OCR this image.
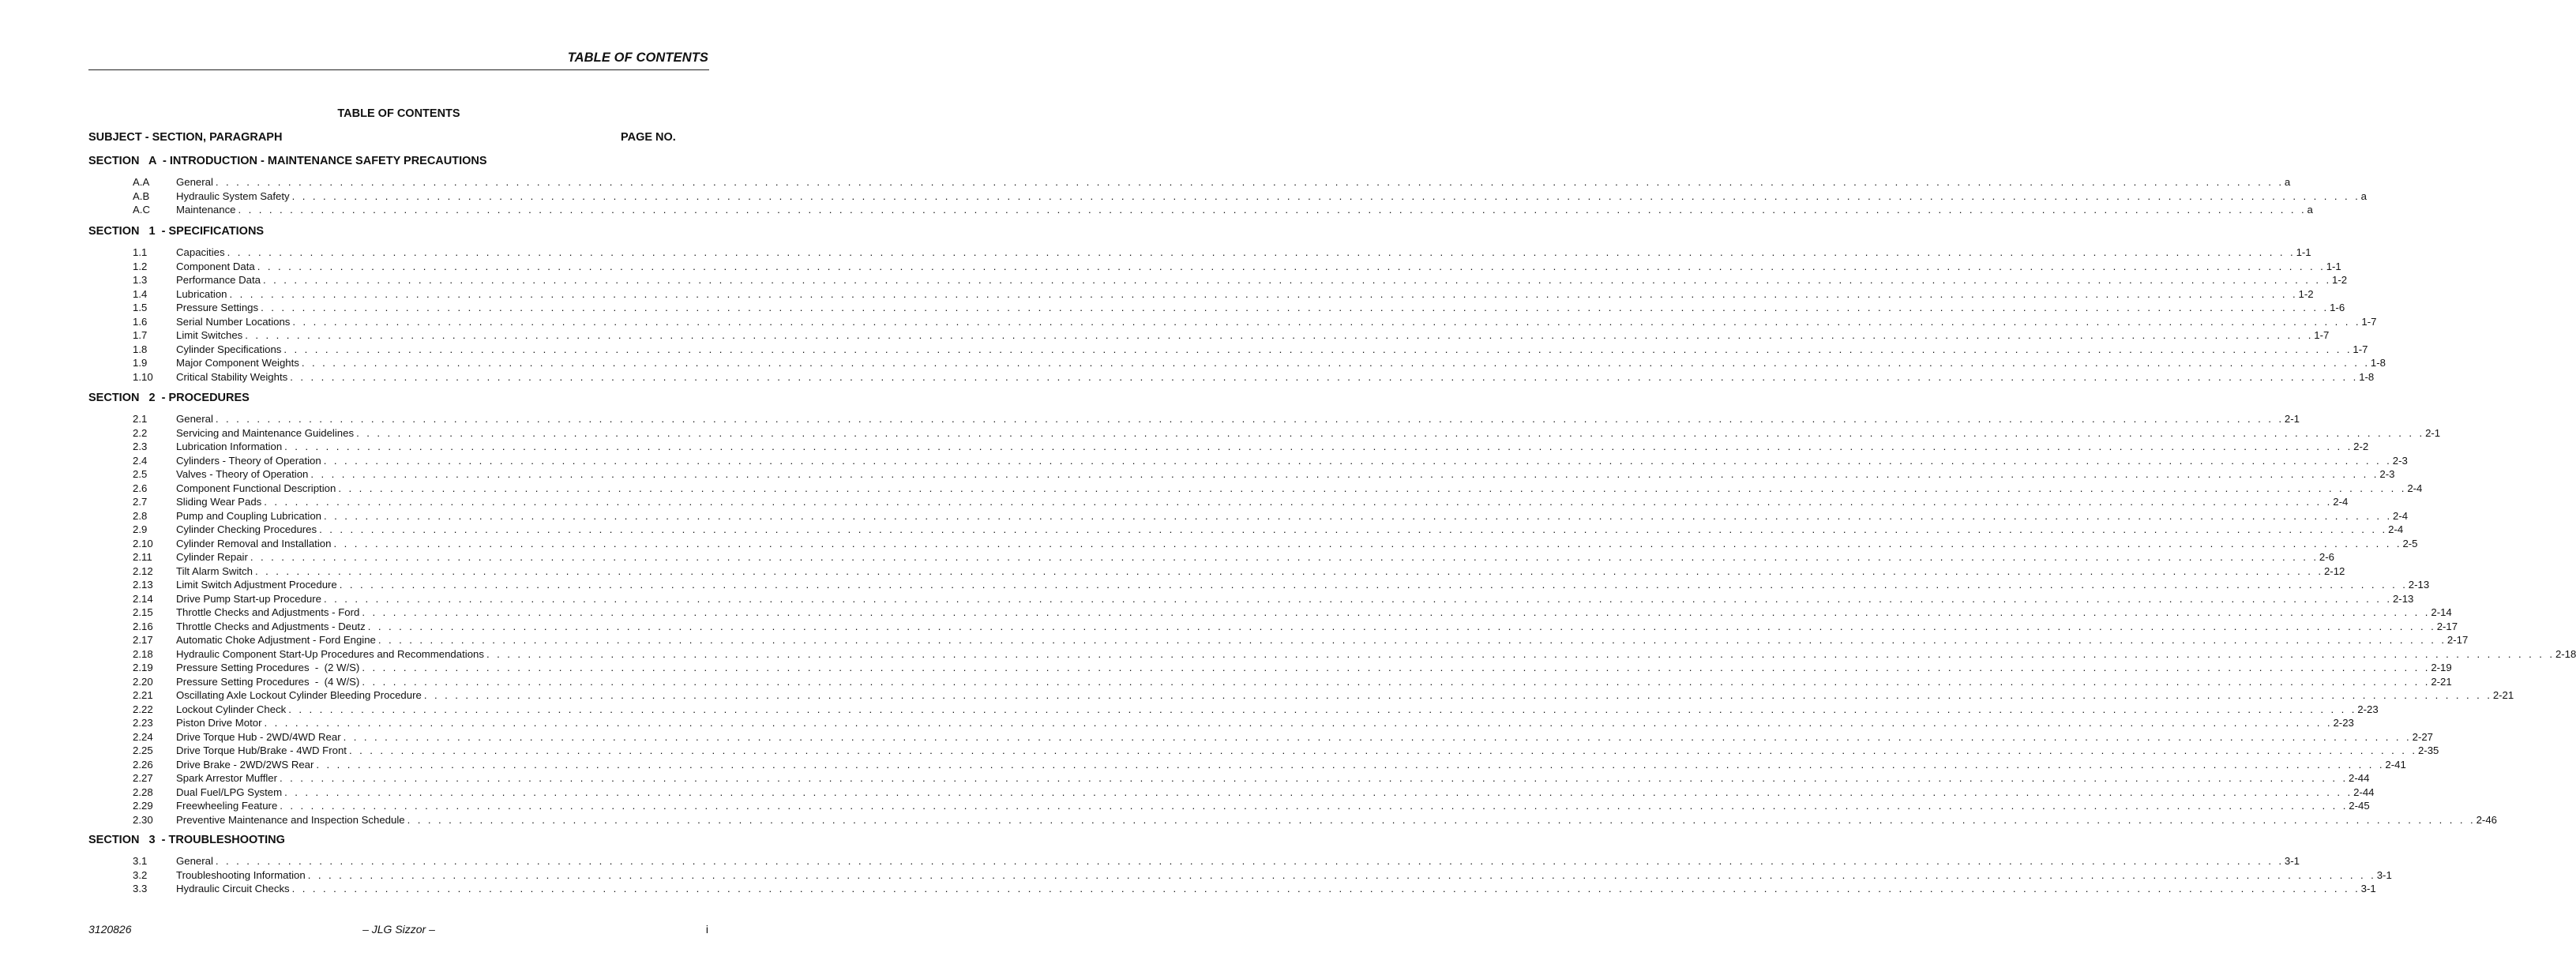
TABLE OF CONTENTS
TABLE OF CONTENTS
SUBJECT - SECTION, PARAGRAPH	PAGE NO.
SECTION   A  - INTRODUCTION - MAINTENANCE SAFETY PRECAUTIONS
SECTION   1  - SPECIFICATIONS
SECTION   2  - PROCEDURES
SECTION   3  - TROUBLESHOOTING
A.A	General . . . . . . . . . . . . . . . . . . . . . . . . . . . . . . . . . . . . . . . . . . . . . . . . . . . . . . . . . . . . . . . . . . . . . . . . . . . . . . . . . . . . . . . . . . . . . . . . . . . . . . . . . . . . . . . . . . . . . . . . . . . . . . . . . . . . . . . . . . . . . . . . . . . . . . . . . . . . . . . . . . . . . . . . . . . . . . . . . . . . . . . . . . . . . . . . . . . . . . . . a
A.B	Hydraulic System Safety . . . . . . . . . . . . . . . . . . . . . . . . . . . . . . . . . . . . . . . . . . . . . . . . . . . . . . . . . . . . . . . . . . . . . . . . . . . . . . . . . . . . . . . . . . . . . . . . . . . . . . . . . . . . . . . . . . . . . . . . . . . . . . . . . . . . . . . . . . . . . . . . . . . . . . . . . . . . . . . . . . . . . . . . . . . . . . . . . . . . . . . . . . . . . . . . . . . . . . . . a
A.C	Maintenance . . . . . . . . . . . . . . . . . . . . . . . . . . . . . . . . . . . . . . . . . . . . . . . . . . . . . . . . . . . . . . . . . . . . . . . . . . . . . . . . . . . . . . . . . . . . . . . . . . . . . . . . . . . . . . . . . . . . . . . . . . . . . . . . . . . . . . . . . . . . . . . . . . . . . . . . . . . . . . . . . . . . . . . . . . . . . . . . . . . . . . . . . . . . . . . . . . . . . . . . a
1.1	Capacities . . . . . . . . . . . . . . . . . . . . . . . . . . . . . . . . . . . . . . . . . . . . . . . . . . . . . . . . . . . . . . . . . . . . . . . . . . . . . . . . . . . . . . . . . . . . . . . . . . . . . . . . . . . . . . . . . . . . . . . . . . . . . . . . . . . . . . . . . . . . . . . . . . . . . . . . . . . . . . . . . . . . . . . . . . . . . . . . . . . . . . . . . . . . . . . . . . . . . . . . 1-1
1.2	Component Data . . . . . . . . . . . . . . . . . . . . . . . . . . . . . . . . . . . . . . . . . . . . . . . . . . . . . . . . . . . . . . . . . . . . . . . . . . . . . . . . . . . . . . . . . . . . . . . . . . . . . . . . . . . . . . . . . . . . . . . . . . . . . . . . . . . . . . . . . . . . . . . . . . . . . . . . . . . . . . . . . . . . . . . . . . . . . . . . . . . . . . . . . . . . . . . . . . . . . . . . 1-1
1.3	Performance Data . . . . . . . . . . . . . . . . . . . . . . . . . . . . . . . . . . . . . . . . . . . . . . . . . . . . . . . . . . . . . . . . . . . . . . . . . . . . . . . . . . . . . . . . . . . . . . . . . . . . . . . . . . . . . . . . . . . . . . . . . . . . . . . . . . . . . . . . . . . . . . . . . . . . . . . . . . . . . . . . . . . . . . . . . . . . . . . . . . . . . . . . . . . . . . . . . . . . . . . . 1-2
1.4	Lubrication . . . . . . . . . . . . . . . . . . . . . . . . . . . . . . . . . . . . . . . . . . . . . . . . . . . . . . . . . . . . . . . . . . . . . . . . . . . . . . . . . . . . . . . . . . . . . . . . . . . . . . . . . . . . . . . . . . . . . . . . . . . . . . . . . . . . . . . . . . . . . . . . . . . . . . . . . . . . . . . . . . . . . . . . . . . . . . . . . . . . . . . . . . . . . . . . . . . . . . . . 1-2
1.5	Pressure Settings . . . . . . . . . . . . . . . . . . . . . . . . . . . . . . . . . . . . . . . . . . . . . . . . . . . . . . . . . . . . . . . . . . . . . . . . . . . . . . . . . . . . . . . . . . . . . . . . . . . . . . . . . . . . . . . . . . . . . . . . . . . . . . . . . . . . . . . . . . . . . . . . . . . . . . . . . . . . . . . . . . . . . . . . . . . . . . . . . . . . . . . . . . . . . . . . . . . . . . . . 1-6
1.6	Serial Number Locations . . . . . . . . . . . . . . . . . . . . . . . . . . . . . . . . . . . . . . . . . . . . . . . . . . . . . . . . . . . . . . . . . . . . . . . . . . . . . . . . . . . . . . . . . . . . . . . . . . . . . . . . . . . . . . . . . . . . . . . . . . . . . . . . . . . . . . . . . . . . . . . . . . . . . . . . . . . . . . . . . . . . . . . . . . . . . . . . . . . . . . . . . . . . . . . . . . . . . . . . 1-7
1.7	Limit Switches . . . . . . . . . . . . . . . . . . . . . . . . . . . . . . . . . . . . . . . . . . . . . . . . . . . . . . . . . . . . . . . . . . . . . . . . . . . . . . . . . . . . . . . . . . . . . . . . . . . . . . . . . . . . . . . . . . . . . . . . . . . . . . . . . . . . . . . . . . . . . . . . . . . . . . . . . . . . . . . . . . . . . . . . . . . . . . . . . . . . . . . . . . . . . . . . . . . . . . . . 1-7
1.8	Cylinder Specifications . . . . . . . . . . . . . . . . . . . . . . . . . . . . . . . . . . . . . . . . . . . . . . . . . . . . . . . . . . . . . . . . . . . . . . . . . . . . . . . . . . . . . . . . . . . . . . . . . . . . . . . . . . . . . . . . . . . . . . . . . . . . . . . . . . . . . . . . . . . . . . . . . . . . . . . . . . . . . . . . . . . . . . . . . . . . . . . . . . . . . . . . . . . . . . . . . . . . . . . . 1-7
1.9	Major Component Weights . . . . . . . . . . . . . . . . . . . . . . . . . . . . . . . . . . . . . . . . . . . . . . . . . . . . . . . . . . . . . . . . . . . . . . . . . . . . . . . . . . . . . . . . . . . . . . . . . . . . . . . . . . . . . . . . . . . . . . . . . . . . . . . . . . . . . . . . . . . . . . . . . . . . . . . . . . . . . . . . . . . . . . . . . . . . . . . . . . . . . . . . . . . . . . . . . . . . . . . . 1-8
1.10 Critical Stability Weights . . . . . . . . . . . . . . . . . . . . . . . . . . . . . . . . . . . . . . . . . . . . . . . . . . . . . . . . . . . . . . . . . . . . . . . . . . . . . . . . . . . . . . . . . . . . . . . . . . . . . . . . . . . . . . . . . . . . . . . . . . . . . . . . . . . . . . . . . . . . . . . . . . . . . . . . . . . . . . . . . . . . . . . . . . . . . . . . . . . . . . . . . . . . . . . . . . . . . . . . 1-8
2.1	General . . . . . . . . . . . . . . . . . . . . . . . . . . . . . . . . . . . . . . . . . . . . . . . . . . . . . . . . . . . . . . . . . . . . . . . . . . . . . . . . . . . . . . . . . . . . . . . . . . . . . . . . . . . . . . . . . . . . . . . . . . . . . . . . . . . . . . . . . . . . . . . . . . . . . . . . . . . . . . . . . . . . . . . . . . . . . . . . . . . . . . . . . . . . . . . . . . . . . . . . 2-1
2.2	Servicing and Maintenance Guidelines . . . . . . . . . . . . . . . . . . . . . . . . . . . . . . . . . . . . . . . . . . . . . . . . . . . . . . . . . . . . . . . . . . . . . . . . . . . . . . . . . . . . . . . . . . . . . . . . . . . . . . . . . . . . . . . . . . . . . . . . . . . . . . . . . . . . . . . . . . . . . . . . . . . . . . . . . . . . . . . . . . . . . . . . . . . . . . . . . . . . . . . . . . . . . . . . . . . . . . . . 2-1
2.3	Lubrication Information . . . . . . . . . . . . . . . . . . . . . . . . . . . . . . . . . . . . . . . . . . . . . . . . . . . . . . . . . . . . . . . . . . . . . . . . . . . . . . . . . . . . . . . . . . . . . . . . . . . . . . . . . . . . . . . . . . . . . . . . . . . . . . . . . . . . . . . . . . . . . . . . . . . . . . . . . . . . . . . . . . . . . . . . . . . . . . . . . . . . . . . . . . . . . . . . . . . . . . . . 2-2
2.4	Cylinders - Theory of Operation . . . . . . . . . . . . . . . . . . . . . . . . . . . . . . . . . . . . . . . . . . . . . . . . . . . . . . . . . . . . . . . . . . . . . . . . . . . . . . . . . . . . . . . . . . . . . . . . . . . . . . . . . . . . . . . . . . . . . . . . . . . . . . . . . . . . . . . . . . . . . . . . . . . . . . . . . . . . . . . . . . . . . . . . . . . . . . . . . . . . . . . . . . . . . . . . . . . . . . . . 2-3
2.5	Valves - Theory of Operation . . . . . . . . . . . . . . . . . . . . . . . . . . . . . . . . . . . . . . . . . . . . . . . . . . . . . . . . . . . . . . . . . . . . . . . . . . . . . . . . . . . . . . . . . . . . . . . . . . . . . . . . . . . . . . . . . . . . . . . . . . . . . . . . . . . . . . . . . . . . . . . . . . . . . . . . . . . . . . . . . . . . . . . . . . . . . . . . . . . . . . . . . . . . . . . . . . . . . . . . 2-3
2.6	Component Functional Description . . . . . . . . . . . . . . . . . . . . . . . . . . . . . . . . . . . . . . . . . . . . . . . . . . . . . . . . . . . . . . . . . . . . . . . . . . . . . . . . . . . . . . . . . . . . . . . . . . . . . . . . . . . . . . . . . . . . . . . . . . . . . . . . . . . . . . . . . . . . . . . . . . . . . . . . . . . . . . . . . . . . . . . . . . . . . . . . . . . . . . . . . . . . . . . . . . . . . . . . 2-4
2.7	Sliding Wear Pads . . . . . . . . . . . . . . . . . . . . . . . . . . . . . . . . . . . . . . . . . . . . . . . . . . . . . . . . . . . . . . . . . . . . . . . . . . . . . . . . . . . . . . . . . . . . . . . . . . . . . . . . . . . . . . . . . . . . . . . . . . . . . . . . . . . . . . . . . . . . . . . . . . . . . . . . . . . . . . . . . . . . . . . . . . . . . . . . . . . . . . . . . . . . . . . . . . . . . . . . 2-4
2.8	Pump and Coupling Lubrication . . . . . . . . . . . . . . . . . . . . . . . . . . . . . . . . . . . . . . . . . . . . . . . . . . . . . . . . . . . . . . . . . . . . . . . . . . . . . . . . . . . . . . . . . . . . . . . . . . . . . . . . . . . . . . . . . . . . . . . . . . . . . . . . . . . . . . . . . . . . . . . . . . . . . . . . . . . . . . . . . . . . . . . . . . . . . . . . . . . . . . . . . . . . . . . . . . . . . . . . 2-4
2.9	Cylinder Checking Procedures . . . . . . . . . . . . . . . . . . . . . . . . . . . . . . . . . . . . . . . . . . . . . . . . . . . . . . . . . . . . . . . . . . . . . . . . . . . . . . . . . . . . . . . . . . . . . . . . . . . . . . . . . . . . . . . . . . . . . . . . . . . . . . . . . . . . . . . . . . . . . . . . . . . . . . . . . . . . . . . . . . . . . . . . . . . . . . . . . . . . . . . . . . . . . . . . . . . . . . . . 2-4
2.10 Cylinder Removal and Installation . . . . . . . . . . . . . . . . . . . . . . . . . . . . . . . . . . . . . . . . . . . . . . . . . . . . . . . . . . . . . . . . . . . . . . . . . . . . . . . . . . . . . . . . . . . . . . . . . . . . . . . . . . . . . . . . . . . . . . . . . . . . . . . . . . . . . . . . . . . . . . . . . . . . . . . . . . . . . . . . . . . . . . . . . . . . . . . . . . . . . . . . . . . . . . . . . . . . . . . . 2-5
2.11 Cylinder Repair . . . . . . . . . . . . . . . . . . . . . . . . . . . . . . . . . . . . . . . . . . . . . . . . . . . . . . . . . . . . . . . . . . . . . . . . . . . . . . . . . . . . . . . . . . . . . . . . . . . . . . . . . . . . . . . . . . . . . . . . . . . . . . . . . . . . . . . . . . . . . . . . . . . . . . . . . . . . . . . . . . . . . . . . . . . . . . . . . . . . . . . . . . . . . . . . . . . . . . . . 2-6
2.12 Tilt Alarm Switch . . . . . . . . . . . . . . . . . . . . . . . . . . . . . . . . . . . . . . . . . . . . . . . . . . . . . . . . . . . . . . . . . . . . . . . . . . . . . . . . . . . . . . . . . . . . . . . . . . . . . . . . . . . . . . . . . . . . . . . . . . . . . . . . . . . . . . . . . . . . . . . . . . . . . . . . . . . . . . . . . . . . . . . . . . . . . . . . . . . . . . . . . . . . . . . . . . . . . . . . 2-12
2.13 Limit Switch Adjustment Procedure . . . . . . . . . . . . . . . . . . . . . . . . . . . . . . . . . . . . . . . . . . . . . . . . . . . . . . . . . . . . . . . . . . . . . . . . . . . . . . . . . . . . . . . . . . . . . . . . . . . . . . . . . . . . . . . . . . . . . . . . . . . . . . . . . . . . . . . . . . . . . . . . . . . . . . . . . . . . . . . . . . . . . . . . . . . . . . . . . . . . . . . . . . . . . . . . . . . . . . . . 2-13
2.14 Drive Pump Start-up Procedure . . . . . . . . . . . . . . . . . . . . . . . . . . . . . . . . . . . . . . . . . . . . . . . . . . . . . . . . . . . . . . . . . . . . . . . . . . . . . . . . . . . . . . . . . . . . . . . . . . . . . . . . . . . . . . . . . . . . . . . . . . . . . . . . . . . . . . . . . . . . . . . . . . . . . . . . . . . . . . . . . . . . . . . . . . . . . . . . . . . . . . . . . . . . . . . . . . . . . . . . 2-13
2.15 Throttle Checks and Adjustments - Ford . . . . . . . . . . . . . . . . . . . . . . . . . . . . . . . . . . . . . . . . . . . . . . . . . . . . . . . . . . . . . . . . . . . . . . . . . . . . . . . . . . . . . . . . . . . . . . . . . . . . . . . . . . . . . . . . . . . . . . . . . . . . . . . . . . . . . . . . . . . . . . . . . . . . . . . . . . . . . . . . . . . . . . . . . . . . . . . . . . . . . . . . . . . . . . . . . . . . . . . . 2-14
2.16 Throttle Checks and Adjustments - Deutz . . . . . . . . . . . . . . . . . . . . . . . . . . . . . . . . . . . . . . . . . . . . . . . . . . . . . . . . . . . . . . . . . . . . . . . . . . . . . . . . . . . . . . . . . . . . . . . . . . . . . . . . . . . . . . . . . . . . . . . . . . . . . . . . . . . . . . . . . . . . . . . . . . . . . . . . . . . . . . . . . . . . . . . . . . . . . . . . . . . . . . . . . . . . . . . . . . . . . . . . 2-17
2.17 Automatic Choke Adjustment - Ford Engine . . . . . . . . . . . . . . . . . . . . . . . . . . . . . . . . . . . . . . . . . . . . . . . . . . . . . . . . . . . . . . . . . . . . . . . . . . . . . . . . . . . . . . . . . . . . . . . . . . . . . . . . . . . . . . . . . . . . . . . . . . . . . . . . . . . . . . . . . . . . . . . . . . . . . . . . . . . . . . . . . . . . . . . . . . . . . . . . . . . . . . . . . . . . . . . . . . . . . . . . 2-17
2.18 Hydraulic Component Start-Up Procedures and Recommendations . . . . . . . . . . . . . . . . . . . . . . . . . . . . . . . . . . . . . . . . . . . . . . . . . . . . . . . . . . . . . . . . . . . . . . . . . . . . . . . . . . . . . . . . . . . . . . . . . . . . . . . . . . . . . . . . . . . . . . . . . . . . . . . . . . . . . . . . . . . . . . . . . . . . . . . . . . . . . . . . . . . . . . . . . . . . . . . . . . . . . . . . . . . . . . . . . . . . . . . . 2-18
2.19 Pressure Setting Procedures  -  (2 W/S) . . . . . . . . . . . . . . . . . . . . . . . . . . . . . . . . . . . . . . . . . . . . . . . . . . . . . . . . . . . . . . . . . . . . . . . . . . . . . . . . . . . . . . . . . . . . . . . . . . . . . . . . . . . . . . . . . . . . . . . . . . . . . . . . . . . . . . . . . . . . . . . . . . . . . . . . . . . . . . . . . . . . . . . . . . . . . . . . . . . . . . . . . . . . . . . . . . . . . . . . 2-19
2.20 Pressure Setting Procedures  -  (4 W/S) . . . . . . . . . . . . . . . . . . . . . . . . . . . . . . . . . . . . . . . . . . . . . . . . . . . . . . . . . . . . . . . . . . . . . . . . . . . . . . . . . . . . . . . . . . . . . . . . . . . . . . . . . . . . . . . . . . . . . . . . . . . . . . . . . . . . . . . . . . . . . . . . . . . . . . . . . . . . . . . . . . . . . . . . . . . . . . . . . . . . . . . . . . . . . . . . . . . . . . . . 2-21
2.21 Oscillating Axle Lockout Cylinder Bleeding Procedure . . . . . . . . . . . . . . . . . . . . . . . . . . . . . . . . . . . . . . . . . . . . . . . . . . . . . . . . . . . . . . . . . . . . . . . . . . . . . . . . . . . . . . . . . . . . . . . . . . . . . . . . . . . . . . . . . . . . . . . . . . . . . . . . . . . . . . . . . . . . . . . . . . . . . . . . . . . . . . . . . . . . . . . . . . . . . . . . . . . . . . . . . . . . . . . . . . . . . . . . 2-21
2.22 Lockout Cylinder Check . . . . . . . . . . . . . . . . . . . . . . . . . . . . . . . . . . . . . . . . . . . . . . . . . . . . . . . . . . . . . . . . . . . . . . . . . . . . . . . . . . . . . . . . . . . . . . . . . . . . . . . . . . . . . . . . . . . . . . . . . . . . . . . . . . . . . . . . . . . . . . . . . . . . . . . . . . . . . . . . . . . . . . . . . . . . . . . . . . . . . . . . . . . . . . . . . . . . . . . . 2-23
2.23 Piston Drive Motor . . . . . . . . . . . . . . . . . . . . . . . . . . . . . . . . . . . . . . . . . . . . . . . . . . . . . . . . . . . . . . . . . . . . . . . . . . . . . . . . . . . . . . . . . . . . . . . . . . . . . . . . . . . . . . . . . . . . . . . . . . . . . . . . . . . . . . . . . . . . . . . . . . . . . . . . . . . . . . . . . . . . . . . . . . . . . . . . . . . . . . . . . . . . . . . . . . . . . . . . 2-23
2.24 Drive Torque Hub - 2WD/4WD Rear . . . . . . . . . . . . . . . . . . . . . . . . . . . . . . . . . . . . . . . . . . . . . . . . . . . . . . . . . . . . . . . . . . . . . . . . . . . . . . . . . . . . . . . . . . . . . . . . . . . . . . . . . . . . . . . . . . . . . . . . . . . . . . . . . . . . . . . . . . . . . . . . . . . . . . . . . . . . . . . . . . . . . . . . . . . . . . . . . . . . . . . . . . . . . . . . . . . . . . . . 2-27
2.25 Drive Torque Hub/Brake - 4WD Front . . . . . . . . . . . . . . . . . . . . . . . . . . . . . . . . . . . . . . . . . . . . . . . . . . . . . . . . . . . . . . . . . . . . . . . . . . . . . . . . . . . . . . . . . . . . . . . . . . . . . . . . . . . . . . . . . . . . . . . . . . . . . . . . . . . . . . . . . . . . . . . . . . . . . . . . . . . . . . . . . . . . . . . . . . . . . . . . . . . . . . . . . . . . . . . . . . . . . . . . 2-35
2.26 Drive Brake - 2WD/2WS Rear . . . . . . . . . . . . . . . . . . . . . . . . . . . . . . . . . . . . . . . . . . . . . . . . . . . . . . . . . . . . . . . . . . . . . . . . . . . . . . . . . . . . . . . . . . . . . . . . . . . . . . . . . . . . . . . . . . . . . . . . . . . . . . . . . . . . . . . . . . . . . . . . . . . . . . . . . . . . . . . . . . . . . . . . . . . . . . . . . . . . . . . . . . . . . . . . . . . . . . . . 2-41
2.27 Spark Arrestor Muffler . . . . . . . . . . . . . . . . . . . . . . . . . . . . . . . . . . . . . . . . . . . . . . . . . . . . . . . . . . . . . . . . . . . . . . . . . . . . . . . . . . . . . . . . . . . . . . . . . . . . . . . . . . . . . . . . . . . . . . . . . . . . . . . . . . . . . . . . . . . . . . . . . . . . . . . . . . . . . . . . . . . . . . . . . . . . . . . . . . . . . . . . . . . . . . . . . . . . . . . . 2-44
2.28 Dual Fuel/LPG System . . . . . . . . . . . . . . . . . . . . . . . . . . . . . . . . . . . . . . . . . . . . . . . . . . . . . . . . . . . . . . . . . . . . . . . . . . . . . . . . . . . . . . . . . . . . . . . . . . . . . . . . . . . . . . . . . . . . . . . . . . . . . . . . . . . . . . . . . . . . . . . . . . . . . . . . . . . . . . . . . . . . . . . . . . . . . . . . . . . . . . . . . . . . . . . . . . . . . . . . 2-44
2.29 Freewheeling Feature . . . . . . . . . . . . . . . . . . . . . . . . . . . . . . . . . . . . . . . . . . . . . . . . . . . . . . . . . . . . . . . . . . . . . . . . . . . . . . . . . . . . . . . . . . . . . . . . . . . . . . . . . . . . . . . . . . . . . . . . . . . . . . . . . . . . . . . . . . . . . . . . . . . . . . . . . . . . . . . . . . . . . . . . . . . . . . . . . . . . . . . . . . . . . . . . . . . . . . . . 2-45
2.30 Preventive Maintenance and Inspection Schedule . . . . . . . . . . . . . . . . . . . . . . . . . . . . . . . . . . . . . . . . . . . . . . . . . . . . . . . . . . . . . . . . . . . . . . . . . . . . . . . . . . . . . . . . . . . . . . . . . . . . . . . . . . . . . . . . . . . . . . . . . . . . . . . . . . . . . . . . . . . . . . . . . . . . . . . . . . . . . . . . . . . . . . . . . . . . . . . . . . . . . . . . . . . . . . . . . . . . . . . . 2-46
3.1	General . . . . . . . . . . . . . . . . . . . . . . . . . . . . . . . . . . . . . . . . . . . . . . . . . . . . . . . . . . . . . . . . . . . . . . . . . . . . . . . . . . . . . . . . . . . . . . . . . . . . . . . . . . . . . . . . . . . . . . . . . . . . . . . . . . . . . . . . . . . . . . . . . . . . . . . . . . . . . . . . . . . . . . . . . . . . . . . . . . . . . . . . . . . . . . . . . . . . . . . . 3-1
3.2	Troubleshooting Information . . . . . . . . . . . . . . . . . . . . . . . . . . . . . . . . . . . . . . . . . . . . . . . . . . . . . . . . . . . . . . . . . . . . . . . . . . . . . . . . . . . . . . . . . . . . . . . . . . . . . . . . . . . . . . . . . . . . . . . . . . . . . . . . . . . . . . . . . . . . . . . . . . . . . . . . . . . . . . . . . . . . . . . . . . . . . . . . . . . . . . . . . . . . . . . . . . . . . . . . 3-1
3.3	Hydraulic Circuit Checks . . . . . . . . . . . . . . . . . . . . . . . . . . . . . . . . . . . . . . . . . . . . . . . . . . . . . . . . . . . . . . . . . . . . . . . . . . . . . . . . . . . . . . . . . . . . . . . . . . . . . . . . . . . . . . . . . . . . . . . . . . . . . . . . . . . . . . . . . . . . . . . . . . . . . . . . . . . . . . . . . . . . . . . . . . . . . . . . . . . . . . . . . . . . . . . . . . . . . . . . 3-1
3120826	– JLG Sizzor –	i
